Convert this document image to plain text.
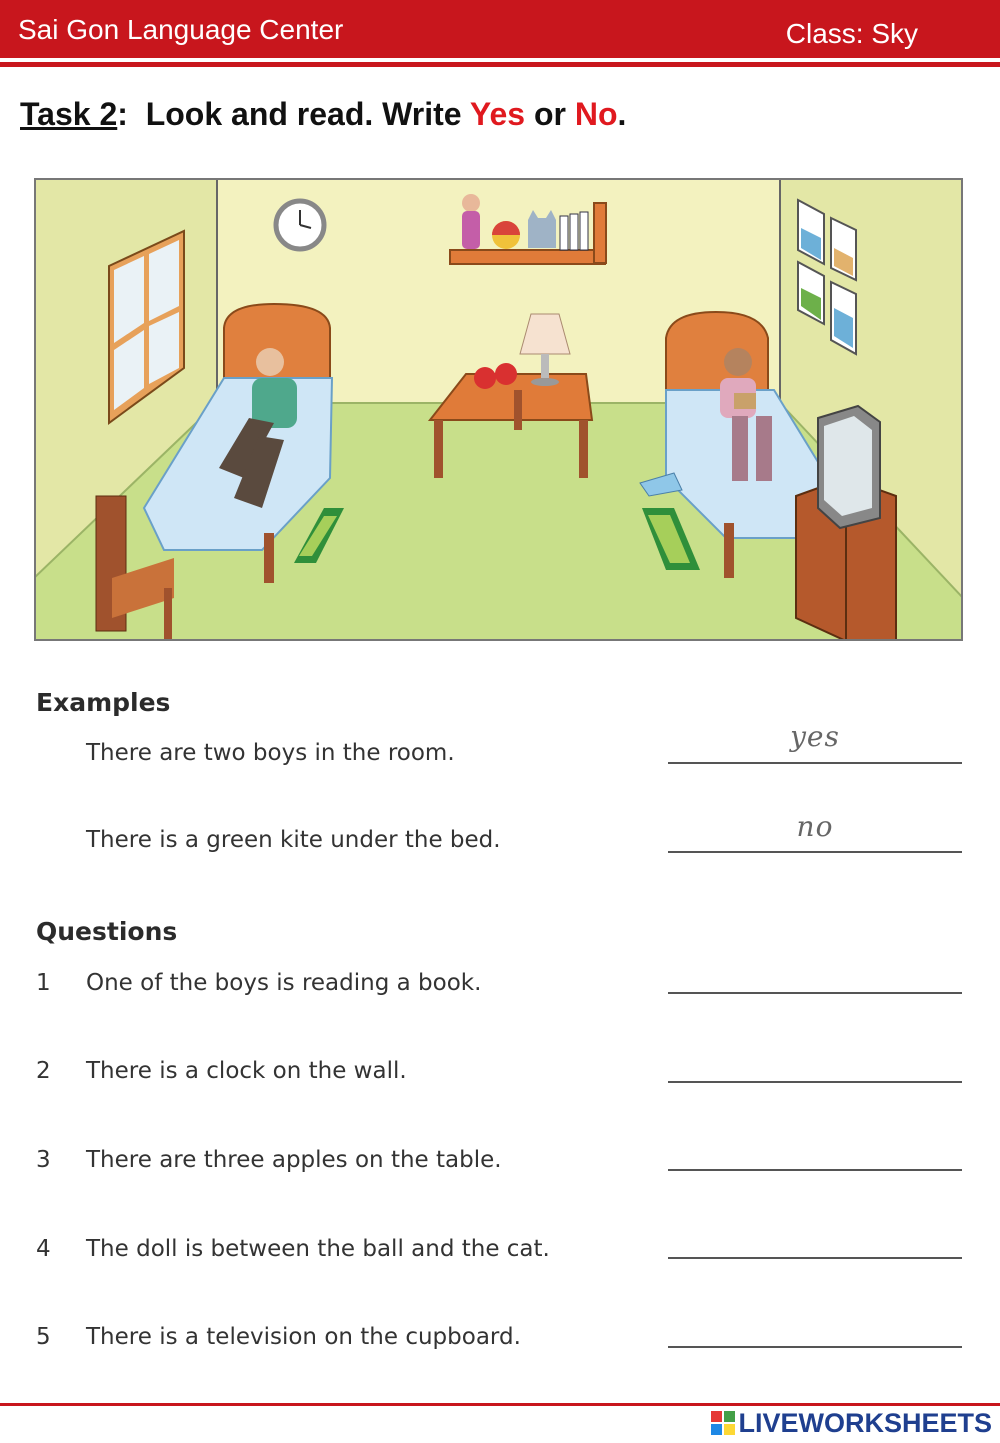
Sai Gon Language Center	Class: Sky
Task 2: Look and read. Write Yes or No.
Examples
There are two boys in the room.	yes
There is a green kite under the bed.	no
Questions
1 One of the boys is reading a book.
2 There is a clock on the wall.
3 There are three apples on the table.
4 The doll is between the ball and the cat.
5 There is a television on the cupboard.
LIVEWORKSHEETS
